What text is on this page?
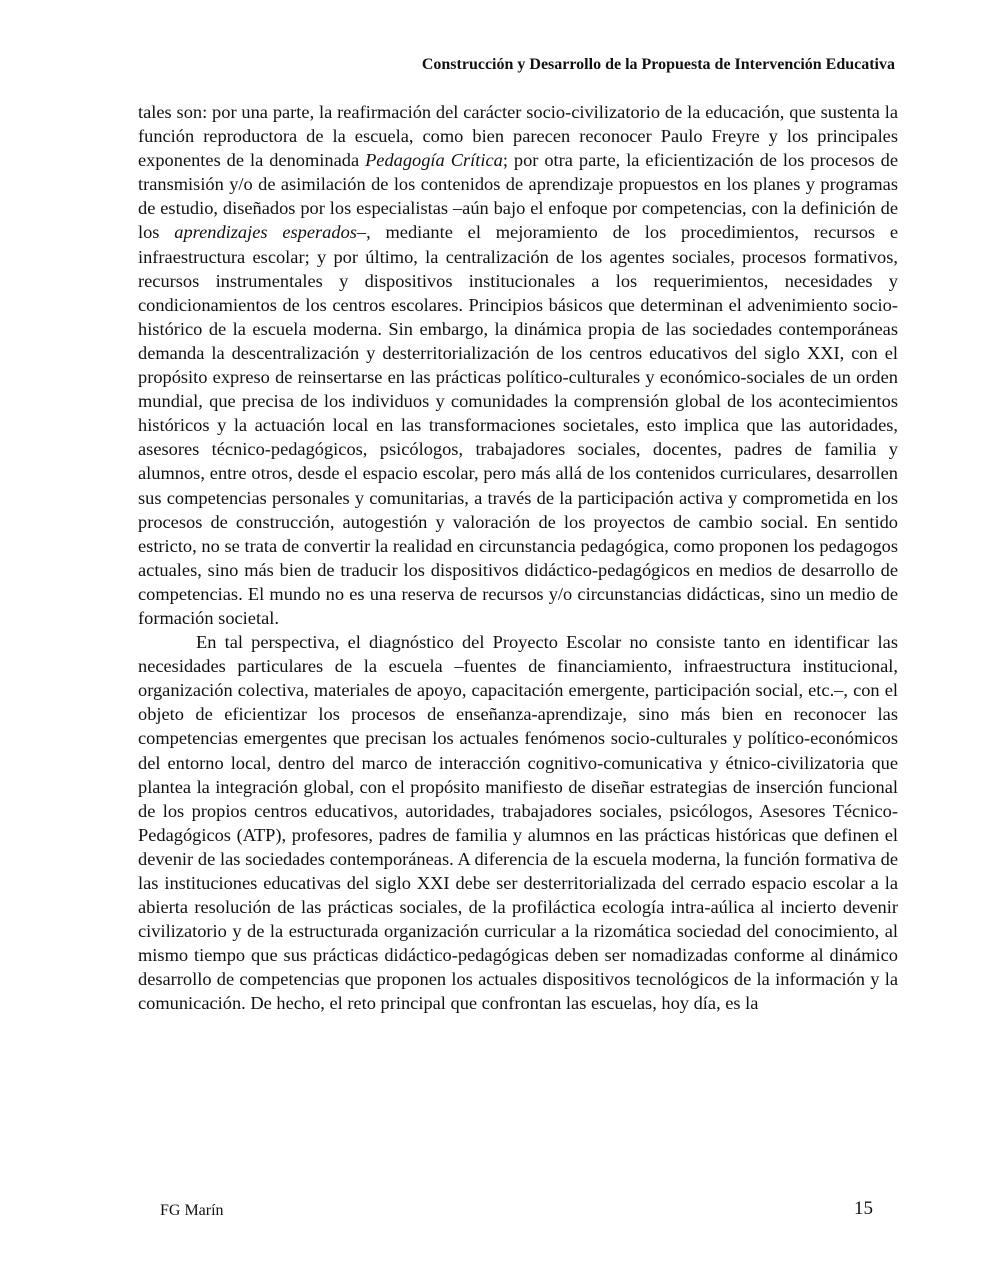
Construcción y Desarrollo de la Propuesta de Intervención Educativa

tales son: por una parte, la reafirmación del carácter socio-civilizatorio de la educación, que sustenta la función reproductora de la escuela, como bien parecen reconocer Paulo Freyre y los principales exponentes de la denominada Pedagogía Crítica; por otra parte, la eficientización de los procesos de transmisión y/o de asimilación de los contenidos de aprendizaje propuestos en los planes y programas de estudio, diseñados por los especialistas –aún bajo el enfoque por competencias, con la definición de los aprendizajes esperados–, mediante el mejoramiento de los procedimientos, recursos e infraestructura escolar; y por último, la centralización de los agentes sociales, procesos formativos, recursos instrumentales y dispositivos institucionales a los requerimientos, necesidades y condicionamientos de los centros escolares. Principios básicos que determinan el advenimiento socio-histórico de la escuela moderna. Sin embargo, la dinámica propia de las sociedades contemporáneas demanda la descentralización y desterritorialización de los centros educativos del siglo XXI, con el propósito expreso de reinsertarse en las prácticas político-culturales y económico-sociales de un orden mundial, que precisa de los individuos y comunidades la comprensión global de los acontecimientos históricos y la actuación local en las transformaciones societales, esto implica que las autoridades, asesores técnico-pedagógicos, psicólogos, trabajadores sociales, docentes, padres de familia y alumnos, entre otros, desde el espacio escolar, pero más allá de los contenidos curriculares, desarrollen sus competencias personales y comunitarias, a través de la participación activa y comprometida en los procesos de construcción, autogestión y valoración de los proyectos de cambio social. En sentido estricto, no se trata de convertir la realidad en circunstancia pedagógica, como proponen los pedagogos actuales, sino más bien de traducir los dispositivos didáctico-pedagógicos en medios de desarrollo de competencias. El mundo no es una reserva de recursos y/o circunstancias didácticas, sino un medio de formación societal.

En tal perspectiva, el diagnóstico del Proyecto Escolar no consiste tanto en identificar las necesidades particulares de la escuela –fuentes de financiamiento, infraestructura institucional, organización colectiva, materiales de apoyo, capacitación emergente, participación social, etc.–, con el objeto de eficientizar los procesos de enseñanza-aprendizaje, sino más bien en reconocer las competencias emergentes que precisan los actuales fenómenos socio-culturales y político-económicos del entorno local, dentro del marco de interacción cognitivo-comunicativa y étnico-civilizatoria que plantea la integración global, con el propósito manifiesto de diseñar estrategias de inserción funcional de los propios centros educativos, autoridades, trabajadores sociales, psicólogos, Asesores Técnico-Pedagógicos (ATP), profesores, padres de familia y alumnos en las prácticas históricas que definen el devenir de las sociedades contemporáneas. A diferencia de la escuela moderna, la función formativa de las instituciones educativas del siglo XXI debe ser desterritorializada del cerrado espacio escolar a la abierta resolución de las prácticas sociales, de la profiláctica ecología intra-aúlica al incierto devenir civilizatorio y de la estructurada organización curricular a la rizomática sociedad del conocimiento, al mismo tiempo que sus prácticas didáctico-pedagógicas deben ser nomadizadas conforme al dinámico desarrollo de competencias que proponen los actuales dispositivos tecnológicos de la información y la comunicación. De hecho, el reto principal que confrontan las escuelas, hoy día, es la

FG Marín	15
